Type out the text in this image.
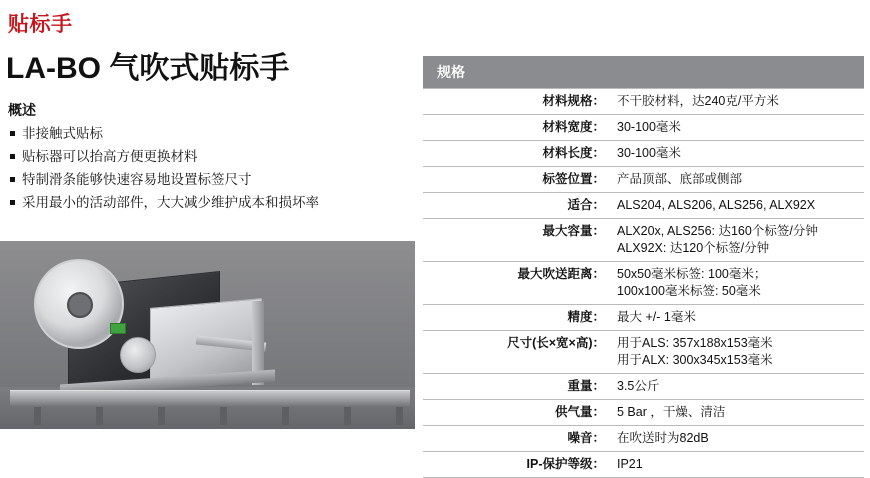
贴标手
LA-BO 气吹式贴标手
概述
非接触式贴标
贴标器可以抬高方便更换材料
特制滑条能够快速容易地设置标签尺寸
采用最小的活动部件，大大减少维护成本和损坏率
规格	
材料规格：	不干胶材料，达240克/平方米

材料宽度：	30-100毫米

材料长度：	30-100毫米

标签位置：	产品顶部、底部或侧部

适合：	ALS204, ALS206, ALS256, ALX92X

最大容量：	ALX20x, ALS256: 达160个标签/分钟
ALX92X: 达120个标签/分钟

最大吹送距离：	50x50毫米标签: 100毫米；
100x100毫米标签: 50毫米

精度：	最大 +/- 1毫米

尺寸(长×宽×高)：	用于ALS: 357x188x153毫米
用于ALX: 300x345x153毫米

重量：	3.5公斤

供气量：	5 Bar ，干燥、清洁

噪音：	在吹送时为82dB

IP-保护等级：	IP21
